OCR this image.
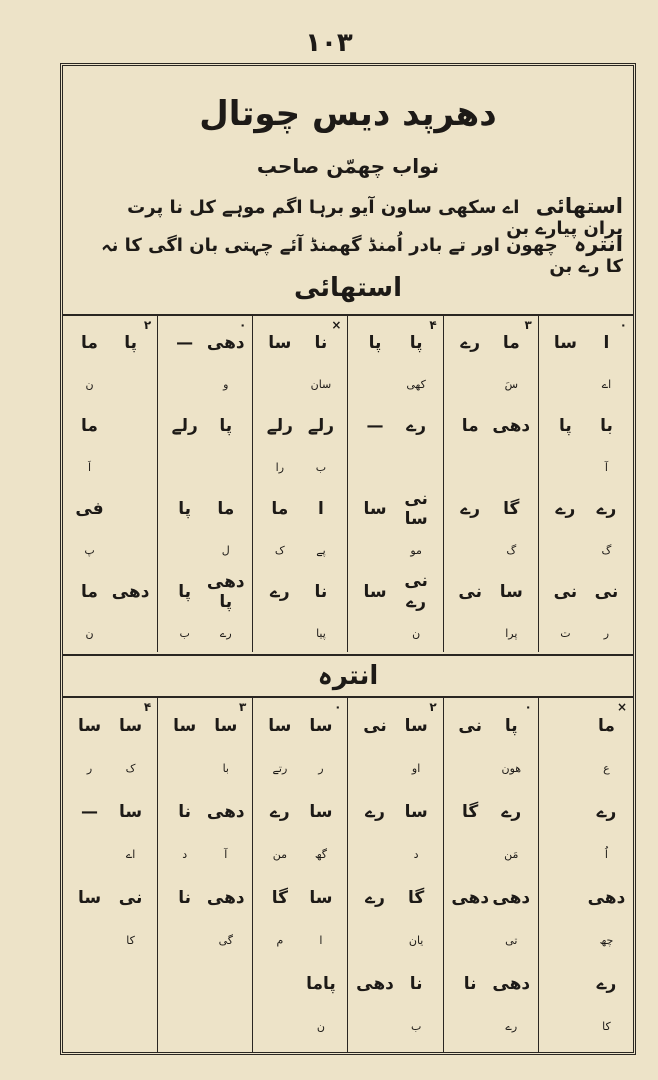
۱۰۳
دھرپد دیس چوتال
نواب چھمّن صاحب
استھائی اے سکھی ساون آیو برہا اگم موہے کل نا پرت پران پیارے بن
انترہ چھون اور تے بادر اُمنڈ گھمنڈ آئے چہتی بان اگی کا نہ کا رے بن
استھائی
۰
ا
سا
اے
با
پا
آ
رے
رے
گ
نی
نی
ر
ت
۳
ما
رے
سَ
دھی
ما
گا
رے
گ
سا
نی
پرا
۴
پا
پا
کھی
رے
—
نی سا
سا
مو
نی رے
سا
ن
×
نا
سا
سان
رلے
رلے
ب
را
ا
ما
پے
ک
نا
رے
پیا
۰
دھی
—
و
پا
رلے
ما
پا
ل
دھی پا
پا
رے
ب
۲
پا
ما
ن
ما
اَ
فی
پ
دھی
ما
ن
انترہ
×
ما
ع
رے
اُ
دھی
چھ
رے
کا
۰
پا
نی
ھون
رے
گا
مَن
دھی
دھی
تی
دھی
نا
رے
۲
سا
نی
او
سا
رے
د
گا
رے
یان
نا
دھی
ب
۰
سا
سا
ر
رتے
سا
رے
گھ
من
سا
گا
ا
م
پاما
ن
۳
سا
سا
با
دھی
نا
آ
د
دھی
نا
گی
۴
سا
سا
ک
ر
سا
—
اے
نی
سا
کا
